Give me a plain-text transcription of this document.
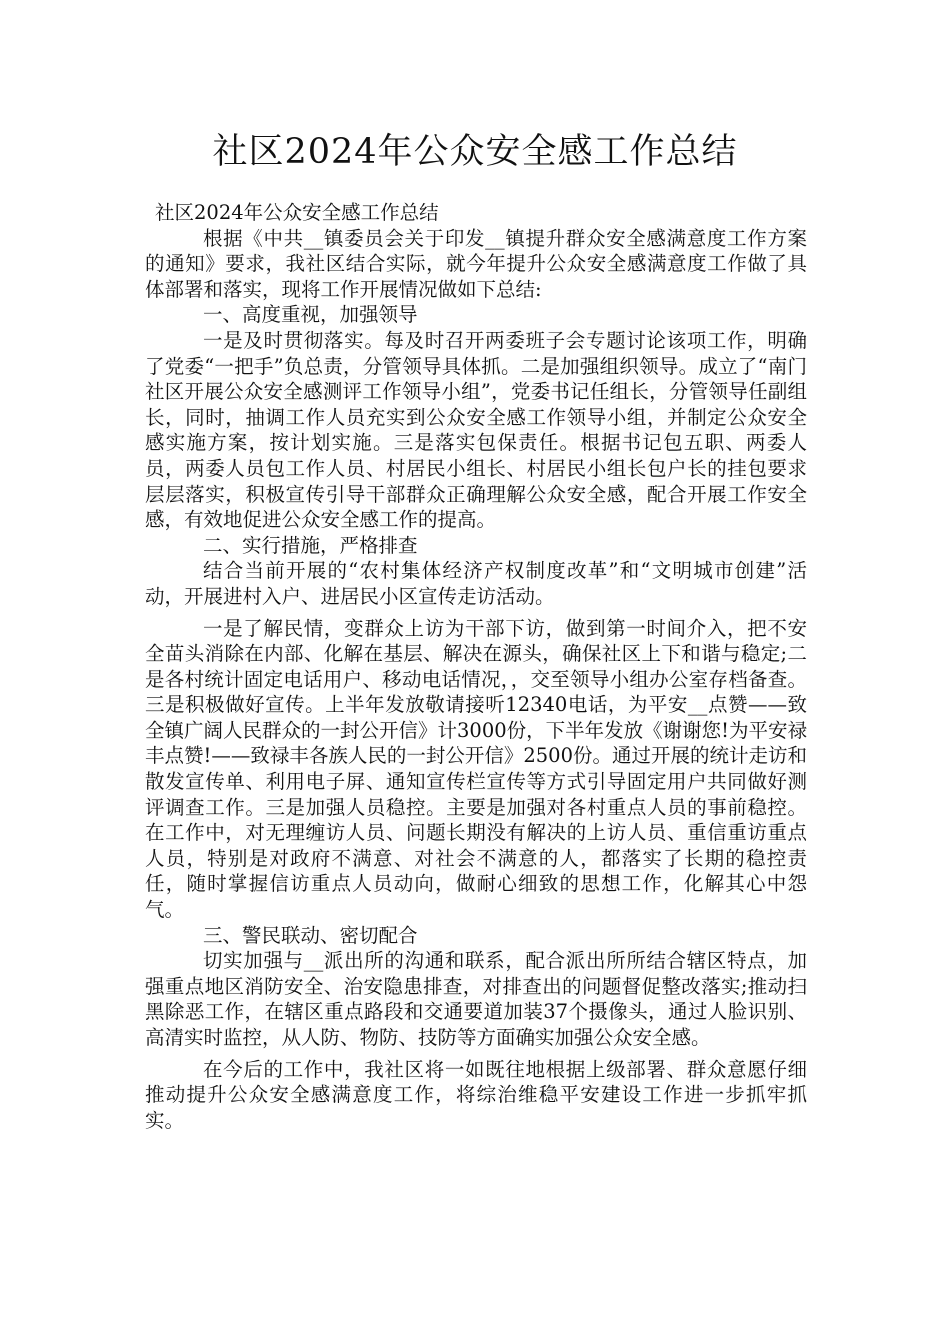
社区2024年公众安全感工作总结

社区2024年公众安全感工作总结

根据《中共__镇委员会关于印发__镇提升群众安全感满意度工作方案的通知》要求，我社区结合实际，就今年提升公众安全感满意度工作做了具体部署和落实，现将工作开展情况做如下总结:

一、高度重视，加强领导

一是及时贯彻落实。每及时召开两委班子会专题讨论该项工作，明确了党委“一把手”负总责，分管领导具体抓。二是加强组织领导。成立了“南门社区开展公众安全感测评工作领导小组”，党委书记任组长，分管领导任副组长，同时，抽调工作人员充实到公众安全感工作领导小组，并制定公众安全感实施方案，按计划实施。三是落实包保责任。根据书记包五职、两委人员，两委人员包工作人员、村居民小组长、村居民小组长包户长的挂包要求层层落实，积极宣传引导干部群众正确理解公众安全感，配合开展工作安全感，有效地促进公众安全感工作的提高。

二、实行措施，严格排查

结合当前开展的“农村集体经济产权制度改革”和“文明城市创建”活动，开展进村入户、进居民小区宣传走访活动。

一是了解民情，变群众上访为干部下访，做到第一时间介入，把不安全苗头消除在内部、化解在基层、解决在源头，确保社区上下和谐与稳定;二是各村统计固定电话用户、移动电话情况，，交至领导小组办公室存档备查。三是积极做好宣传。上半年发放敬请接听12340电话，为平安__点赞——致全镇广阔人民群众的一封公开信》计3000份，下半年发放《谢谢您!为平安禄丰点赞!——致禄丰各族人民的一封公开信》2500份。通过开展的统计走访和散发宣传单、利用电子屏、通知宣传栏宣传等方式引导固定用户共同做好测评调查工作。三是加强人员稳控。主要是加强对各村重点人员的事前稳控。在工作中，对无理缠访人员、问题长期没有解决的上访人员、重信重访重点人员，特别是对政府不满意、对社会不满意的人，都落实了长期的稳控责任，随时掌握信访重点人员动向，做耐心细致的思想工作，化解其心中怨气。

三、警民联动、密切配合

切实加强与__派出所的沟通和联系，配合派出所所结合辖区特点，加强重点地区消防安全、治安隐患排查，对排查出的问题督促整改落实;推动扫黑除恶工作，在辖区重点路段和交通要道加装37个摄像头，通过人脸识别、高清实时监控，从人防、物防、技防等方面确实加强公众安全感。

在今后的工作中，我社区将一如既往地根据上级部署、群众意愿仔细推动提升公众安全感满意度工作，将综治维稳平安建设工作进一步抓牢抓实。
